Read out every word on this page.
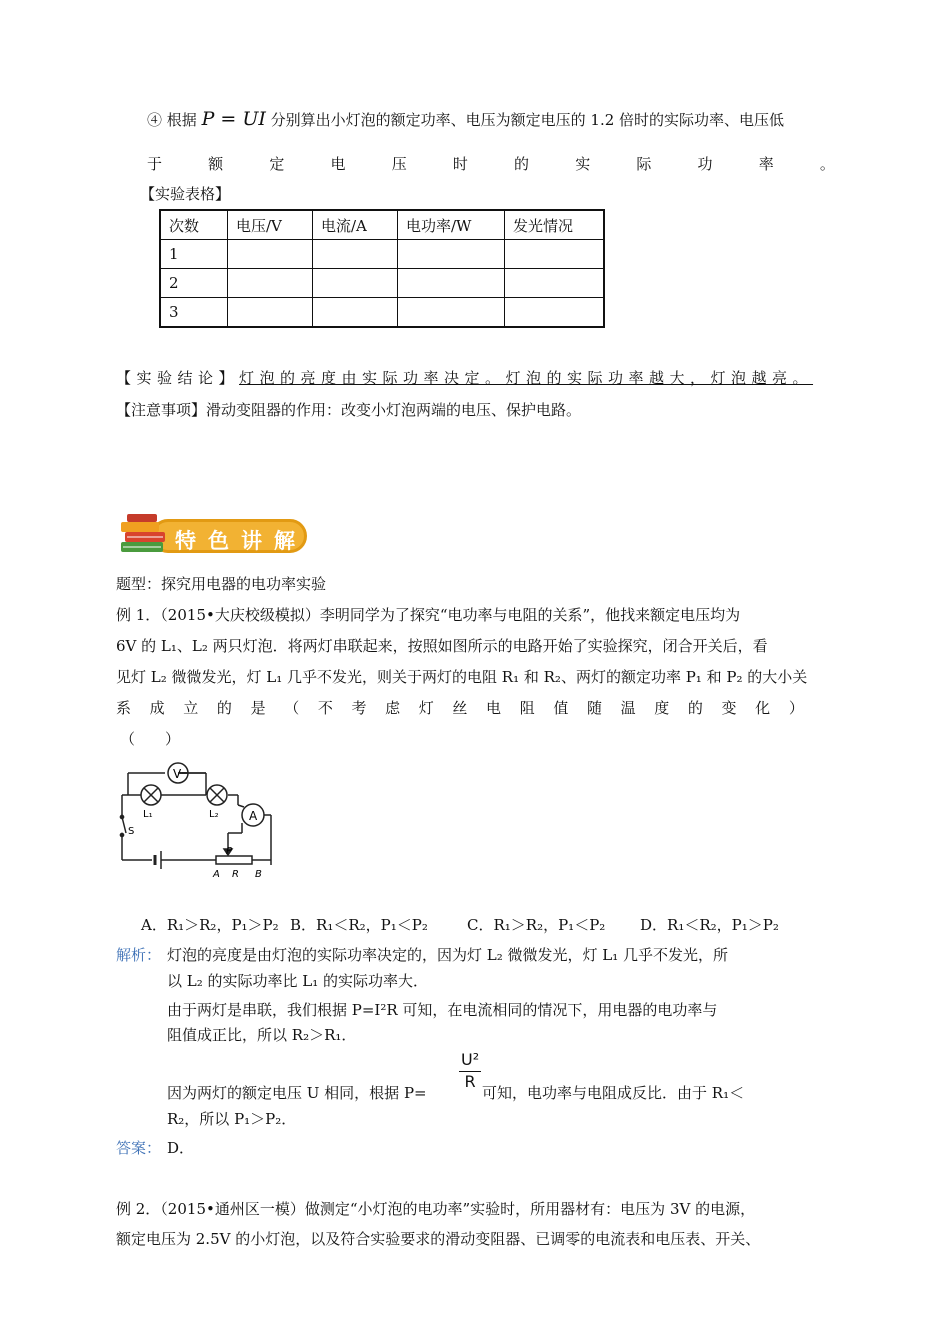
④ 根据 P = UI 分别算出小灯泡的额定功率、电压为额定电压的 1.2 倍时的实际功率、电压低
于	额	定	电	压	时	的	实	际	功	率	。
【实验表格】
次数	电压/V	电流/A	电功率/W	发光情况
1				
2				
3				
【实验结论】灯泡的亮度由实际功率决定。灯泡的实际功率越大，灯泡越亮。
【注意事项】滑动变阻器的作用：改变小灯泡两端的电压、保护电路。
特色讲解
题型：探究用电器的电功率实验
例 1．（2015•大庆校级模拟）李明同学为了探究“电功率与电阻的关系”，他找来额定电压均为
6V 的 L₁、L₂ 两只灯泡．将两灯串联起来，按照如图所示的电路开始了实验探究，闭合开关后，看
见灯 L₂ 微微发光，灯 L₁ 几乎不发光，则关于两灯的电阻 R₁ 和 R₂、两灯的额定功率 P₁ 和 P₂ 的大小关
系 成 立 的 是 （ 不 考 虑 灯 丝 电 阻 值 随 温 度 的 变 化 ）
（　　）
V
A
L₁	L₂
S
P
A R B
A．R₁＞R₂，P₁＞P₂ B．R₁＜R₂，P₁＜P₂	C．R₁＞R₂，P₁＜P₂ D．R₁＜R₂，P₁＞P₂
解析： 灯泡的亮度是由灯泡的实际功率决定的，因为灯 L₂ 微微发光，灯 L₁ 几乎不发光，所
以 L₂ 的实际功率比 L₁ 的实际功率大．
由于两灯是串联，我们根据 P=I²R 可知，在电流相同的情况下，用电器的电功率与
阻值成正比，所以 R₂＞R₁．
因为两灯的额定电压 U 相同，根据 P=
$\frac{\text{U²}}{R}$
可知，电功率与电阻成反比．由于 R₁＜
R₂，所以 P₁＞P₂．
答案： D．
例 2．（2015•通州区一模）做测定“小灯泡的电功率”实验时，所用器材有：电压为 3V 的电源，
额定电压为 2.5V 的小灯泡，以及符合实验要求的滑动变阻器、已调零的电流表和电压表、开关、
